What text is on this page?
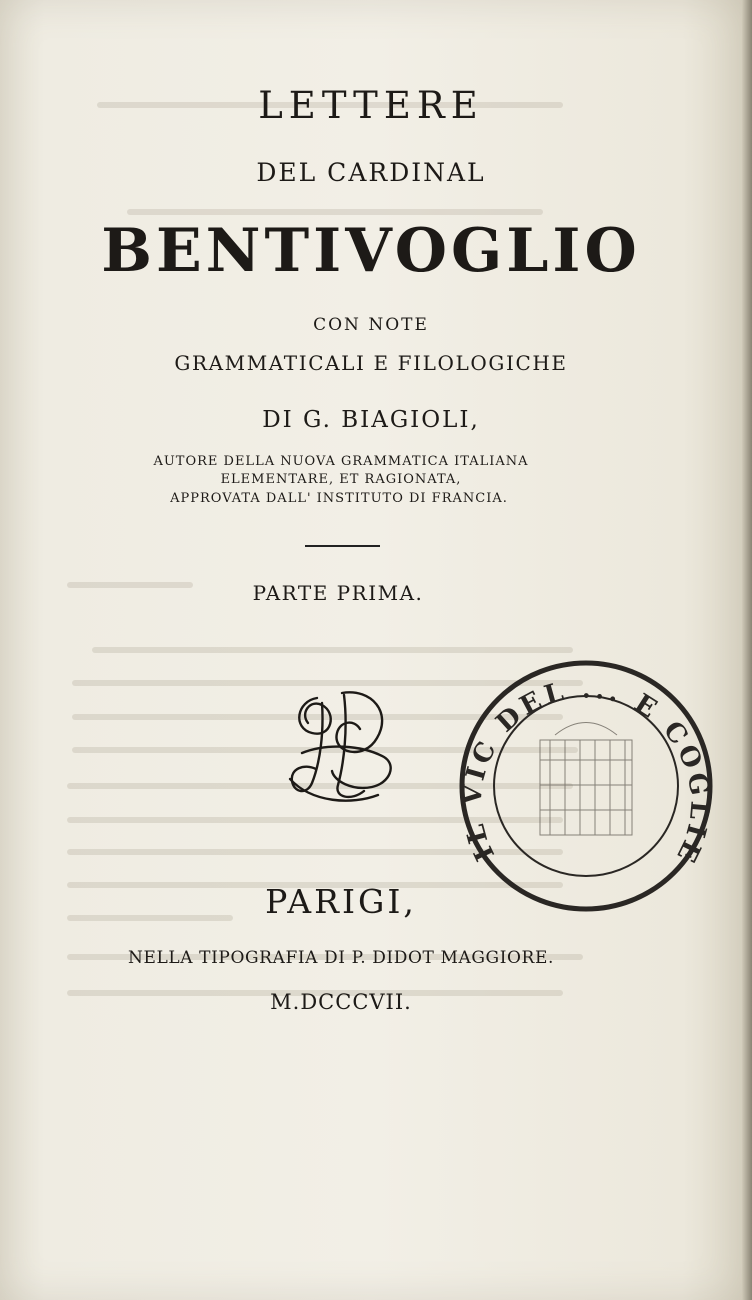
LETTERE
DEL CARDINAL
BENTIVOGLIO
CON NOTE
GRAMMATICALI E FILOLOGICHE
DI G. BIAGIOLI,
AUTORE DELLA NUOVA GRAMMATICA ITALIANA
ELEMENTARE, ET RAGIONATA,
APPROVATA DALL' INSTITUTO DI FRANCIA.
PARTE PRIMA.
IL VIC DEL ... E COGLIE
PARIGI,
NELLA TIPOGRAFIA DI P. DIDOT MAGGIORE.
M.DCCCVII.
